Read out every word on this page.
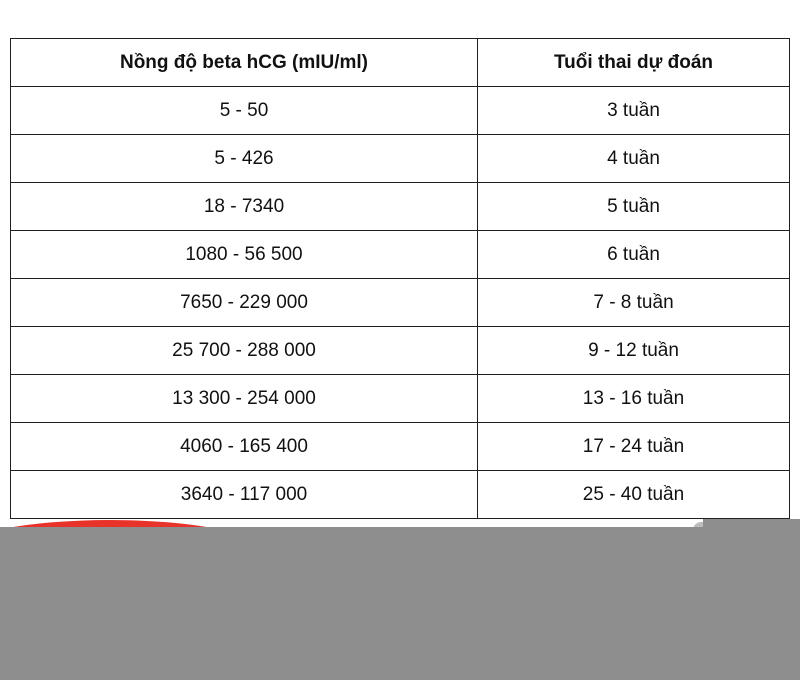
Nồng độ beta hCG (mIU/ml)	Tuổi thai dự đoán
5 - 50	3 tuần
5 - 426	4 tuần
18 - 7340	5 tuần
1080 - 56 500	6 tuần
7650 - 229 000	7 - 8 tuần
25 700 - 288 000	9 - 12 tuần
13 300 - 254 000	13 - 16 tuần
4060 - 165 400	17 - 24 tuần
3640 - 117 000	25 - 40 tuần
